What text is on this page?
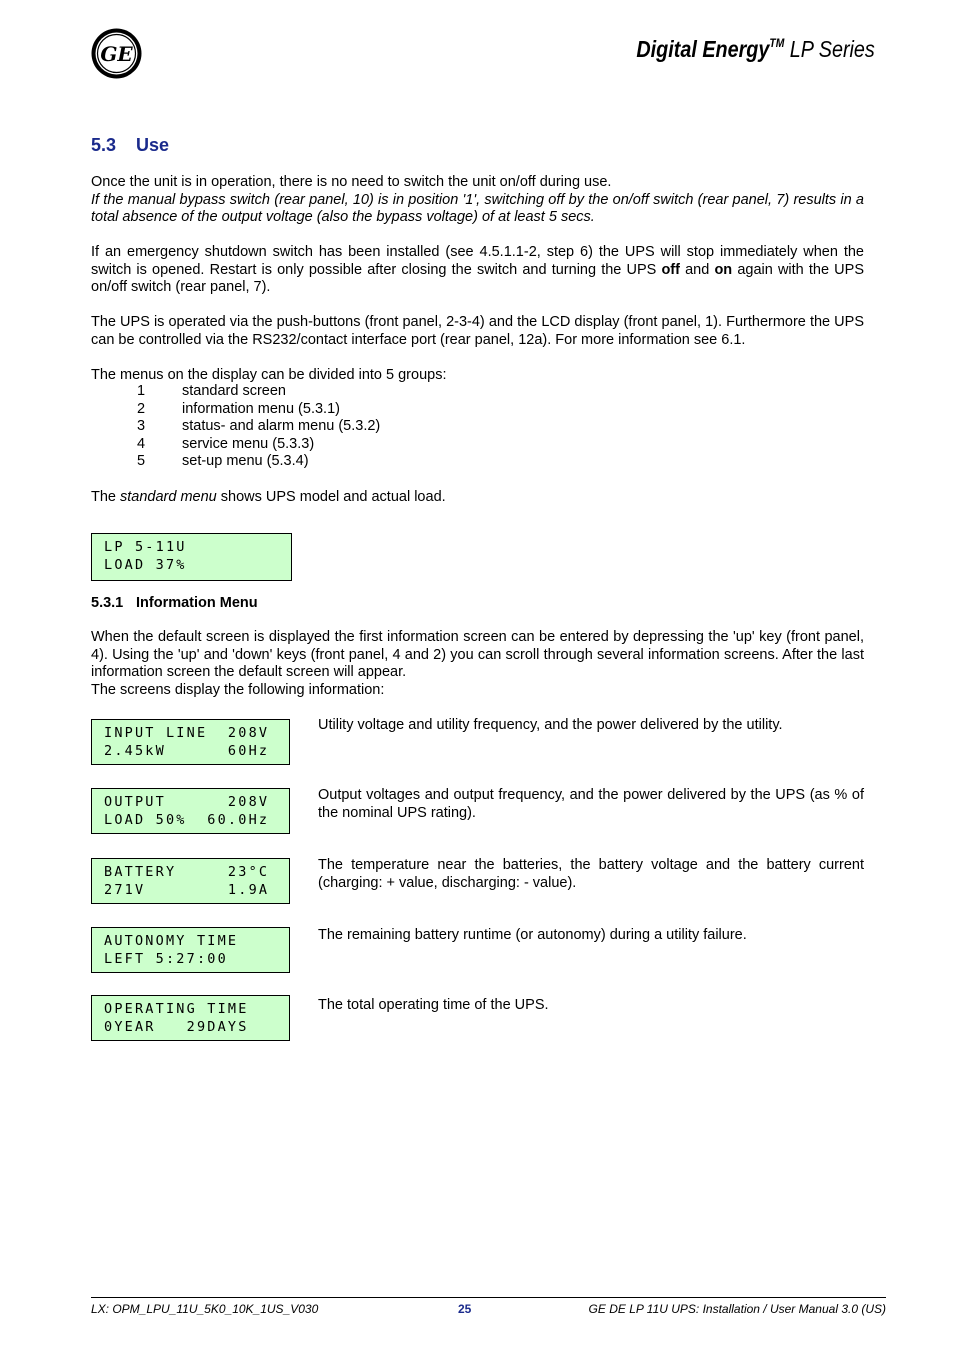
GE	Digital Energy™ LP Series
5.3 Use
Once the unit is in operation, there is no need to switch the unit on/off during use.
If the manual bypass switch (rear panel, 10) is in position '1', switching off by the on/off switch (rear panel, 7) results in a total absence of the output voltage (also the bypass voltage) of at least 5 secs.
If an emergency shutdown switch has been installed (see 4.5.1.1-2, step 6) the UPS will stop immediately when the switch is opened. Restart is only possible after closing the switch and turning the UPS off and on again with the UPS on/off switch (rear panel, 7).
The UPS is operated via the push-buttons (front panel, 2-3-4) and the LCD display (front panel, 1). Furthermore the UPS can be controlled via the RS232/contact interface port (rear panel, 12a). For more information see 6.1.
The menus on the display can be divided into 5 groups:
1	standard screen
2	information menu (5.3.1)
3	status- and alarm menu (5.3.2)
4	service menu (5.3.3)
5	set-up menu (5.3.4)
The standard menu shows UPS model and actual load.
LP 5-11U
LOAD 37%
5.3.1 Information Menu
When the default screen is displayed the first information screen can be entered by depressing the 'up' key (front panel, 4). Using the 'up' and 'down' keys (front panel, 4 and 2) you can scroll through several information screens. After the last information screen the default screen will appear.
The screens display the following information:
INPUT LINE  208V
2.45kW      60Hz
Utility voltage and utility frequency, and the power delivered by the utility.
OUTPUT      208V
LOAD 50%  60.0Hz
Output voltages and output frequency, and the power delivered by the UPS (as % of the nominal UPS rating).
BATTERY     23°C
271V        1.9A
The temperature near the batteries, the battery voltage and the battery current (charging: + value, discharging: - value).
AUTONOMY TIME
LEFT 5:27:00
The remaining battery runtime (or autonomy) during a utility failure.
OPERATING TIME
0YEAR   29DAYS
The total operating time of the UPS.
LX: OPM_LPU_11U_5K0_10K_1US_V030	25	GE DE LP 11U UPS: Installation / User Manual 3.0 (US)
